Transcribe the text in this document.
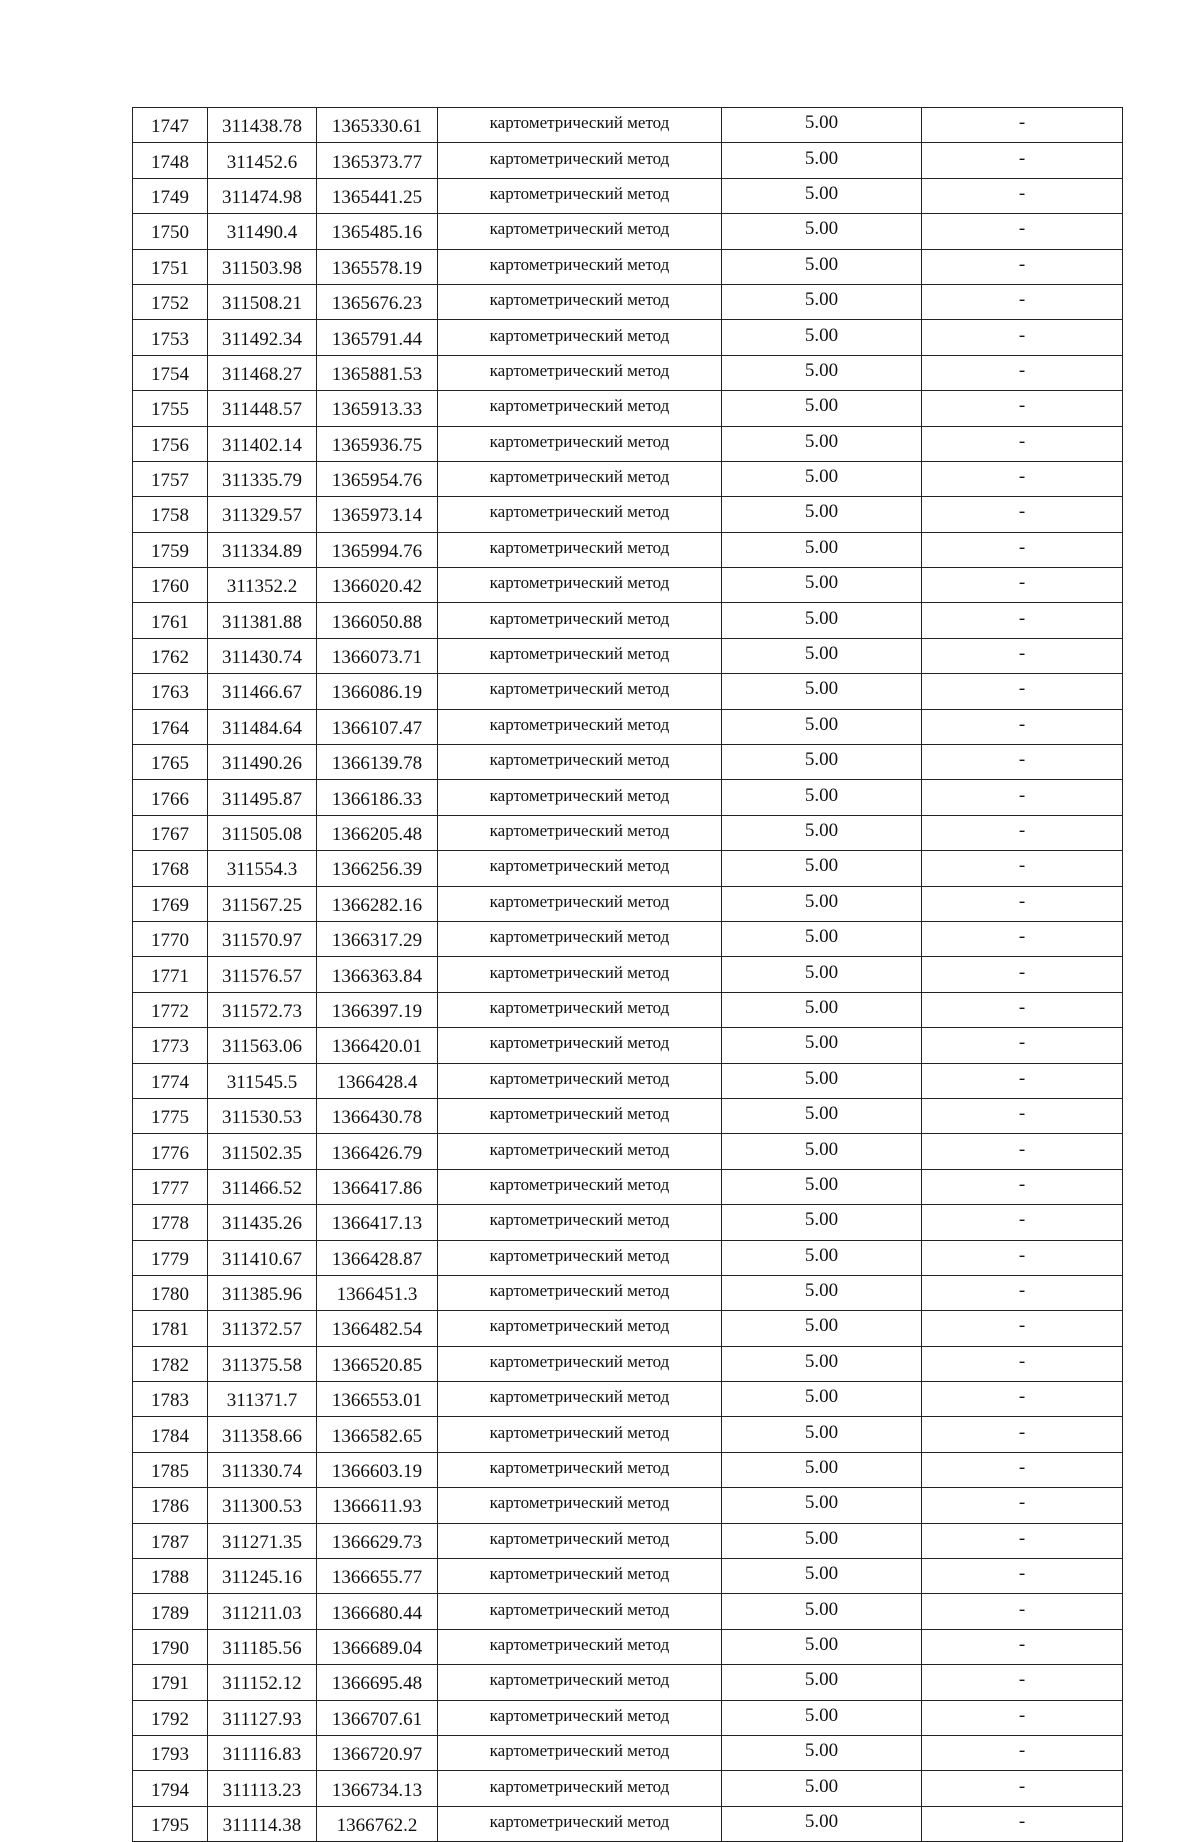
1747	311438.78	1365330.61	картометрический метод	5.00	-
1748	311452.6	1365373.77	картометрический метод	5.00	-
1749	311474.98	1365441.25	картометрический метод	5.00	-
1750	311490.4	1365485.16	картометрический метод	5.00	-
1751	311503.98	1365578.19	картометрический метод	5.00	-
1752	311508.21	1365676.23	картометрический метод	5.00	-
1753	311492.34	1365791.44	картометрический метод	5.00	-
1754	311468.27	1365881.53	картометрический метод	5.00	-
1755	311448.57	1365913.33	картометрический метод	5.00	-
1756	311402.14	1365936.75	картометрический метод	5.00	-
1757	311335.79	1365954.76	картометрический метод	5.00	-
1758	311329.57	1365973.14	картометрический метод	5.00	-
1759	311334.89	1365994.76	картометрический метод	5.00	-
1760	311352.2	1366020.42	картометрический метод	5.00	-
1761	311381.88	1366050.88	картометрический метод	5.00	-
1762	311430.74	1366073.71	картометрический метод	5.00	-
1763	311466.67	1366086.19	картометрический метод	5.00	-
1764	311484.64	1366107.47	картометрический метод	5.00	-
1765	311490.26	1366139.78	картометрический метод	5.00	-
1766	311495.87	1366186.33	картометрический метод	5.00	-
1767	311505.08	1366205.48	картометрический метод	5.00	-
1768	311554.3	1366256.39	картометрический метод	5.00	-
1769	311567.25	1366282.16	картометрический метод	5.00	-
1770	311570.97	1366317.29	картометрический метод	5.00	-
1771	311576.57	1366363.84	картометрический метод	5.00	-
1772	311572.73	1366397.19	картометрический метод	5.00	-
1773	311563.06	1366420.01	картометрический метод	5.00	-
1774	311545.5	1366428.4	картометрический метод	5.00	-
1775	311530.53	1366430.78	картометрический метод	5.00	-
1776	311502.35	1366426.79	картометрический метод	5.00	-
1777	311466.52	1366417.86	картометрический метод	5.00	-
1778	311435.26	1366417.13	картометрический метод	5.00	-
1779	311410.67	1366428.87	картометрический метод	5.00	-
1780	311385.96	1366451.3	картометрический метод	5.00	-
1781	311372.57	1366482.54	картометрический метод	5.00	-
1782	311375.58	1366520.85	картометрический метод	5.00	-
1783	311371.7	1366553.01	картометрический метод	5.00	-
1784	311358.66	1366582.65	картометрический метод	5.00	-
1785	311330.74	1366603.19	картометрический метод	5.00	-
1786	311300.53	1366611.93	картометрический метод	5.00	-
1787	311271.35	1366629.73	картометрический метод	5.00	-
1788	311245.16	1366655.77	картометрический метод	5.00	-
1789	311211.03	1366680.44	картометрический метод	5.00	-
1790	311185.56	1366689.04	картометрический метод	5.00	-
1791	311152.12	1366695.48	картометрический метод	5.00	-
1792	311127.93	1366707.61	картометрический метод	5.00	-
1793	311116.83	1366720.97	картометрический метод	5.00	-
1794	311113.23	1366734.13	картометрический метод	5.00	-
1795	311114.38	1366762.2	картометрический метод	5.00	-
